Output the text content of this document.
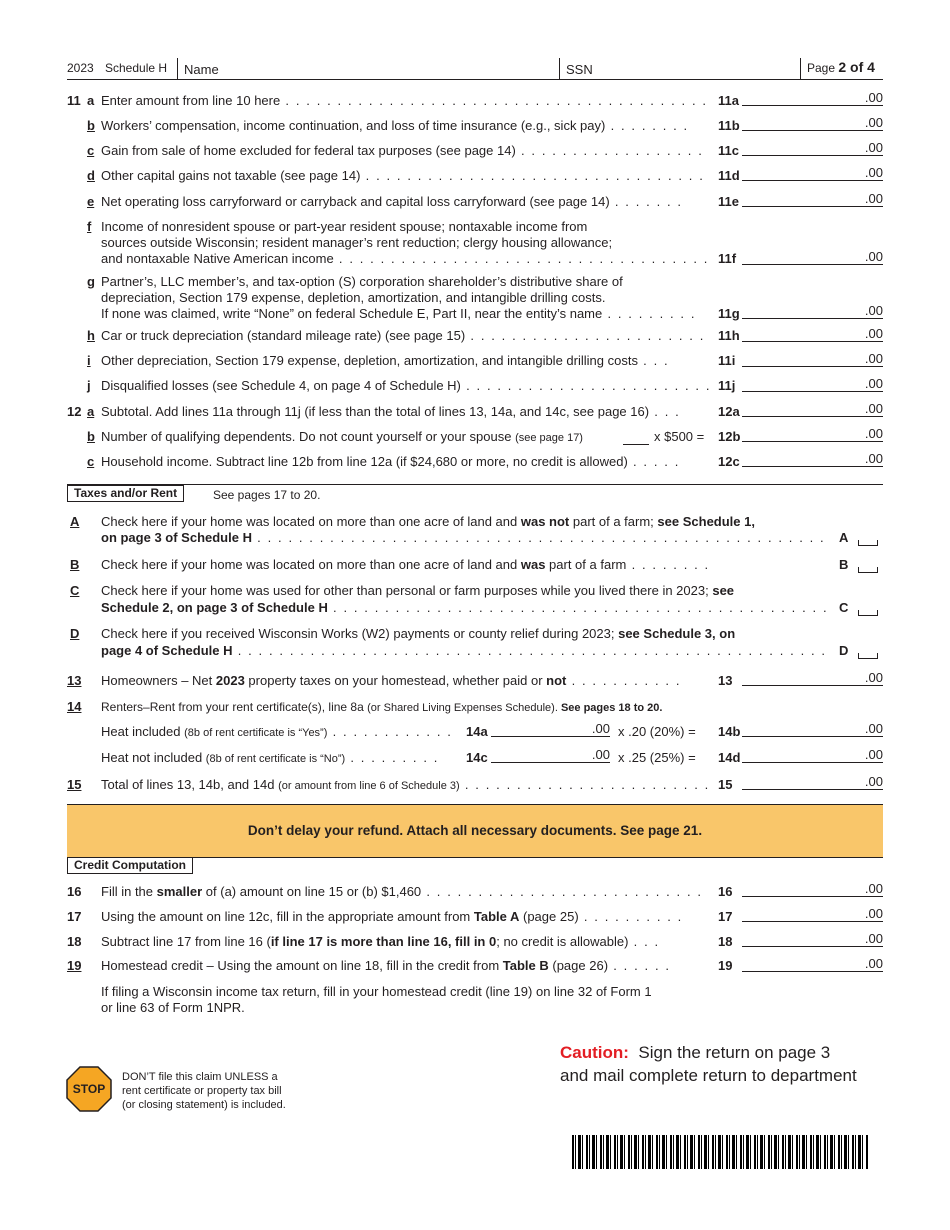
2023 Schedule H Name	SSN	Page 2 of 4
11 a Enter amount from line 10 here . . . . . . . . . . . . . . . . . . . . . . . . . . . . . . . . . . . . . . . . . 11a	.00
b Workers’ compensation, income continuation, and loss of time insurance (e.g., sick pay) . . . . . . . . 11b	.00
c Gain from sale of home excluded for federal tax purposes (see page 14) . . . . . . . . . . . . . . . . . . 11c	.00
d Other capital gains not taxable (see page 14) . . . . . . . . . . . . . . . . . . . . . . . . . . . . . . . . . 11d	.00
e Net operating loss carryforward or carryback and capital loss carryforward (see page 14) . . . . . . .	11e	.00
f Income of nonresident spouse or part-year resident spouse; nontaxable income from
sources outside Wisconsin; resident manager’s rent reduction; clergy housing allowance;
and nontaxable Native American income . . . . . . . . . . . . . . . . . . . . . . . . . . . . . . . . . . . . 11f	.00
g Partner’s, LLC member’s, and tax-option (S) corporation shareholder’s distributive share of
depreciation, Section 179 expense, depletion, amortization, and intangible drilling costs.
If none was claimed, write “None” on federal Schedule E, Part II, near the entity’s name . . . . . . . . . 11g	.00
h Car or truck depreciation (standard mileage rate) (see page 15) . . . . . . . . . . . . . . . . . . . . . . . 11h	.00
i Other depreciation, Section 179 expense, depletion, amortization, and intangible drilling costs . . .	11i	.00
j Disqualified losses (see Schedule 4, on page 4 of Schedule H) . . . . . . . . . . . . . . . . . . . . . . . . 11j	.00
12 a Subtotal. Add lines 11a through 11j (if less than the total of lines 13, 14a, and 14c, see page 16) . . .	12a	.00
b Number of qualifying dependents. Do not count yourself or your spouse (see page 17)	x $500 = 12b	.00
c Household income. Subtract line 12b from line 12a (if $24,680 or more, no credit is allowed) . . . . .	12c	.00
Taxes and/or Rent	See pages 17 to 20.
A Check here if your home was located on more than one acre of land and was not part of a farm; see Schedule 1,
on page 3 of Schedule H . . . . . . . . . . . . . . . . . . . . . . . . . . . . . . . . . . . . . . . . . . . . . . . . . . . . . . . A
B Check here if your home was located on more than one acre of land and was part of a farm . . . . . . . .	B
C Check here if your home was used for other than personal or farm purposes while you lived there in 2023; see
Schedule 2, on page 3 of Schedule H . . . . . . . . . . . . . . . . . . . . . . . . . . . . . . . . . . . . . . . . . . . . . . . . C
D Check here if you received Wisconsin Works (W2) payments or county relief during 2023; see Schedule 3, on
page 4 of Schedule H . . . . . . . . . . . . . . . . . . . . . . . . . . . . . . . . . . . . . . . . . . . . . . . . . . . . . . . . . D
13 Homeowners – Net 2023 property taxes on your homestead, whether paid or not . . . . . . . . . . .	13	.00
14 Renters–Rent from your rent certificate(s), line 8a (or Shared Living Expenses Schedule). See pages 18 to 20.
Heat included (8b of rent certificate is “Yes”) . . . . . . . . . . . . 14a	.00 x .20 (20%) = 14b	.00
Heat not included (8b of rent certificate is “No”) . . . . . . . . . 14c	.00 x .25 (25%) = 14d	.00
15 Total of lines 13, 14b, and 14d (or amount from line 6 of Schedule 3) . . . . . . . . . . . . . . . . . . . . . . . . 15	.00
Don’t delay your refund. Attach all necessary documents. See page 21.
Credit Computation
16 Fill in the smaller of (a) amount on line 15 or (b) $1,460 . . . . . . . . . . . . . . . . . . . . . . . . . . . 16	.00
17 Using the amount on line 12c, fill in the appropriate amount from Table A (page 25) . . . . . . . . . .	17	.00
18 Subtract line 17 from line 16 (if line 17 is more than line 16, fill in 0; no credit is allowable) . . .	18	.00
19 Homestead credit – Using the amount on line 18, fill in the credit from Table B (page 26) . . . . . .	19	.00
If filing a Wisconsin income tax return, fill in your homestead credit (line 19) on line 32 of Form 1
or line 63 of Form 1NPR.
Caution: Sign the return on page 3
and mail complete return to department
STOP
DON’T file this claim UNLESS a
rent certificate or property tax bill
(or closing statement) is included.
